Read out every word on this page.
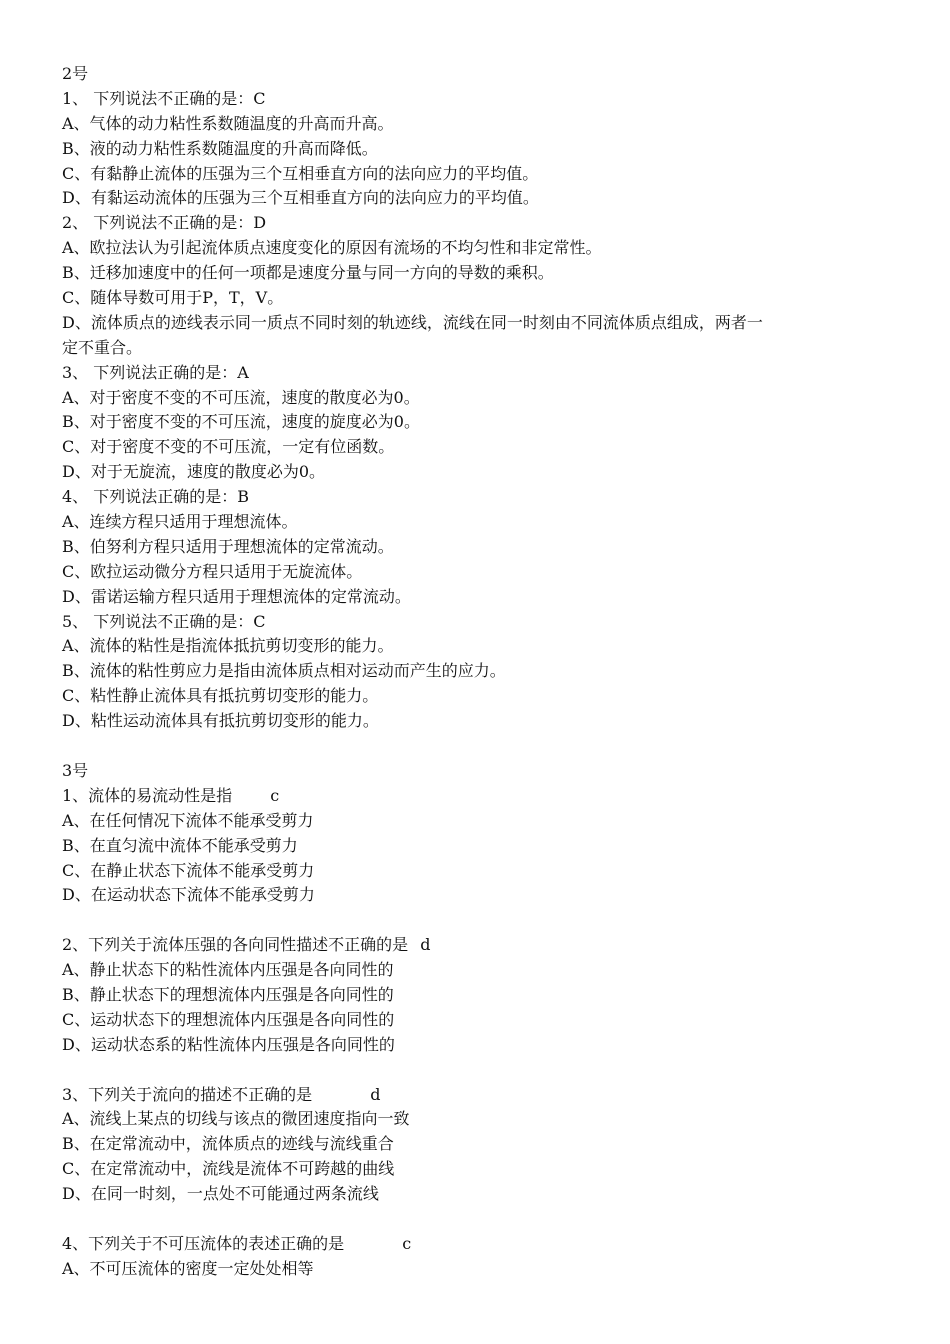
2号
1、 下列说法不正确的是：C
A、气体的动力粘性系数随温度的升高而升高。
B、液的动力粘性系数随温度的升高而降低。
C、有黏静止流体的压强为三个互相垂直方向的法向应力的平均值。
D、有黏运动流体的压强为三个互相垂直方向的法向应力的平均值。
2、 下列说法不正确的是：D
A、欧拉法认为引起流体质点速度变化的原因有流场的不均匀性和非定常性。
B、迁移加速度中的任何一项都是速度分量与同一方向的导数的乘积。
C、随体导数可用于P，T，V。
D、流体质点的迹线表示同一质点不同时刻的轨迹线，流线在同一时刻由不同流体质点组成，两者一
定不重合。
3、 下列说法正确的是：A
A、对于密度不变的不可压流，速度的散度必为0。
B、对于密度不变的不可压流，速度的旋度必为0。
C、对于密度不变的不可压流，一定有位函数。
D、对于无旋流，速度的散度必为0。
4、 下列说法正确的是：B
A、连续方程只适用于理想流体。
B、伯努利方程只适用于理想流体的定常流动。
C、欧拉运动微分方程只适用于无旋流体。
D、雷诺运输方程只适用于理想流体的定常流动。
5、 下列说法不正确的是：C
A、流体的粘性是指流体抵抗剪切变形的能力。
B、流体的粘性剪应力是指由流体质点相对运动而产生的应力。
C、粘性静止流体具有抵抗剪切变形的能力。
D、粘性运动流体具有抵抗剪切变形的能力。
3号
1、流体的易流动性是指 c
A、在任何情况下流体不能承受剪力
B、在直匀流中流体不能承受剪力
C、在静止状态下流体不能承受剪力
D、在运动状态下流体不能承受剪力
2、下列关于流体压强的各向同性描述不正确的是 d
A、静止状态下的粘性流体内压强是各向同性的
B、静止状态下的理想流体内压强是各向同性的
C、运动状态下的理想流体内压强是各向同性的
D、运动状态系的粘性流体内压强是各向同性的
3、下列关于流向的描述不正确的是	d
A、流线上某点的切线与该点的微团速度指向一致
B、在定常流动中，流体质点的迹线与流线重合
C、在定常流动中，流线是流体不可跨越的曲线
D、在同一时刻，一点处不可能通过两条流线
4、下列关于不可压流体的表述正确的是	c
A、不可压流体的密度一定处处相等
